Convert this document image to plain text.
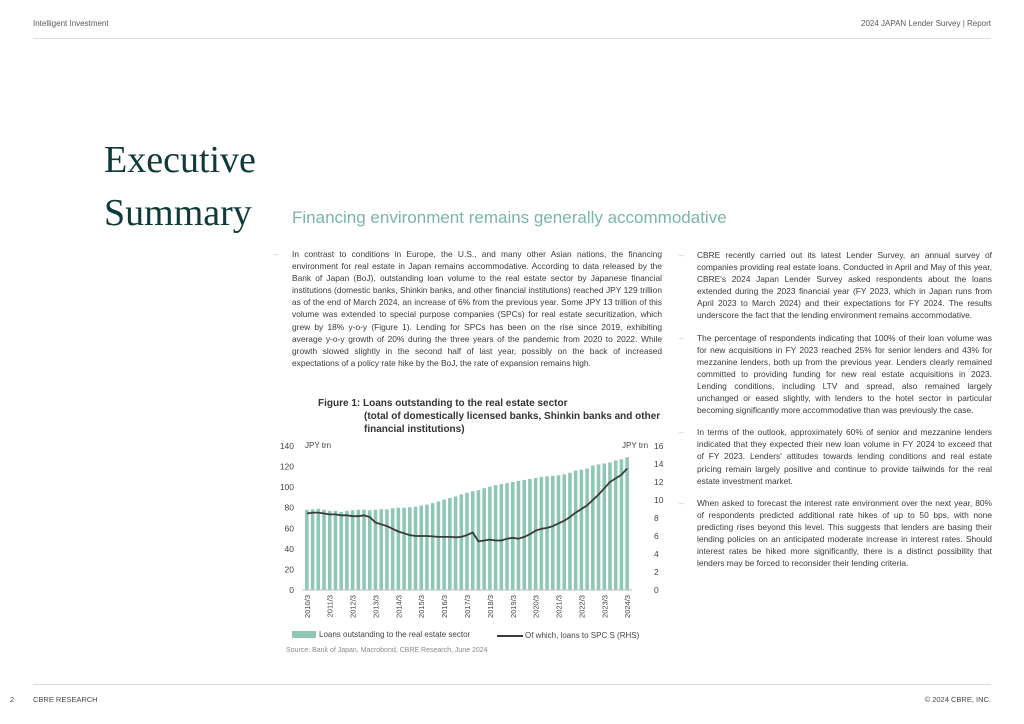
Intelligent Investment	2024 JAPAN Lender Survey | Report
Executive Summary	Financing environment remains generally accommodative

– In contrast to conditions in Europe, the U.S., and many other Asian nations, the financing environment for real estate in Japan remains accommodative. According to data released by the Bank of Japan (BoJ), outstanding loan volume to the real estate sector by Japanese financial institutions (domestic banks, Shinkin banks, and other financial institutions) reached JPY 129 trillion as of the end of March 2024, an increase of 6% from the previous year. Some JPY 13 trillion of this volume was extended to special purpose companies (SPCs) for real estate securitization, which grew by 18% y-o-y (Figure 1). Lending for SPCs has been on the rise since 2019, exhibiting average y-o-y growth of 20% during the three years of the pandemic from 2020 to 2022. While growth slowed slightly in the second half of last year, possibly on the back of increased expectations of a policy rate hike by the BoJ, the rate of expansion remains high.

Figure 1: Loans outstanding to the real estate sector
(total of domestically licensed banks, Shinkin banks and other financial institutions)
JPY trn	JPY trn
0
20
40
60
80
100
120
140
0
2
4
6
8
10
12
14
16
2010/3 2011/3 2012/3 2013/3 2014/3 2015/3 2016/3 2017/3 2018/3 2019/3 2020/3 2021/3 2022/3 2023/3 2024/3
Loans outstanding to the real estate sector	Of which, loans to SPC S (RHS)
Source: Bank of Japan, Macrobond, CBRE Research, June 2024

– CBRE recently carried out its latest Lender Survey, an annual survey of companies providing real estate loans. Conducted in April and May of this year, CBRE's 2024 Japan Lender Survey asked respondents about the loans extended during the 2023 financial year (FY 2023, which in Japan runs from April 2023 to March 2024) and their expectations for FY 2024. The results underscore the fact that the lending environment remains accommodative.

– The percentage of respondents indicating that 100% of their loan volume was for new acquisitions in FY 2023 reached 25% for senior lenders and 43% for mezzanine lenders, both up from the previous year. Lenders clearly remained committed to providing funding for new real estate acquisitions in 2023. Lending conditions, including LTV and spread, also remained largely unchanged or eased slightly, with lenders to the hotel sector in particular becoming significantly more accommodative than was previously the case.

– In terms of the outlook, approximately 60% of senior and mezzanine lenders indicated that they expected their new loan volume in FY 2024 to exceed that of FY 2023. Lenders' attitudes towards lending conditions and real estate pricing remain largely positive and continue to provide tailwinds for the real estate investment market.

– When asked to forecast the interest rate environment over the next year, 80% of respondents predicted additional rate hikes of up to 50 bps, with none predicting rises beyond this level. This suggests that lenders are basing their lending policies on an anticipated moderate increase in interest rates. Should interest rates be hiked more significantly, there is a distinct possibility that lenders may be forced to reconsider their lending criteria.

2	CBRE RESEARCH	© 2024 CBRE, INC.
